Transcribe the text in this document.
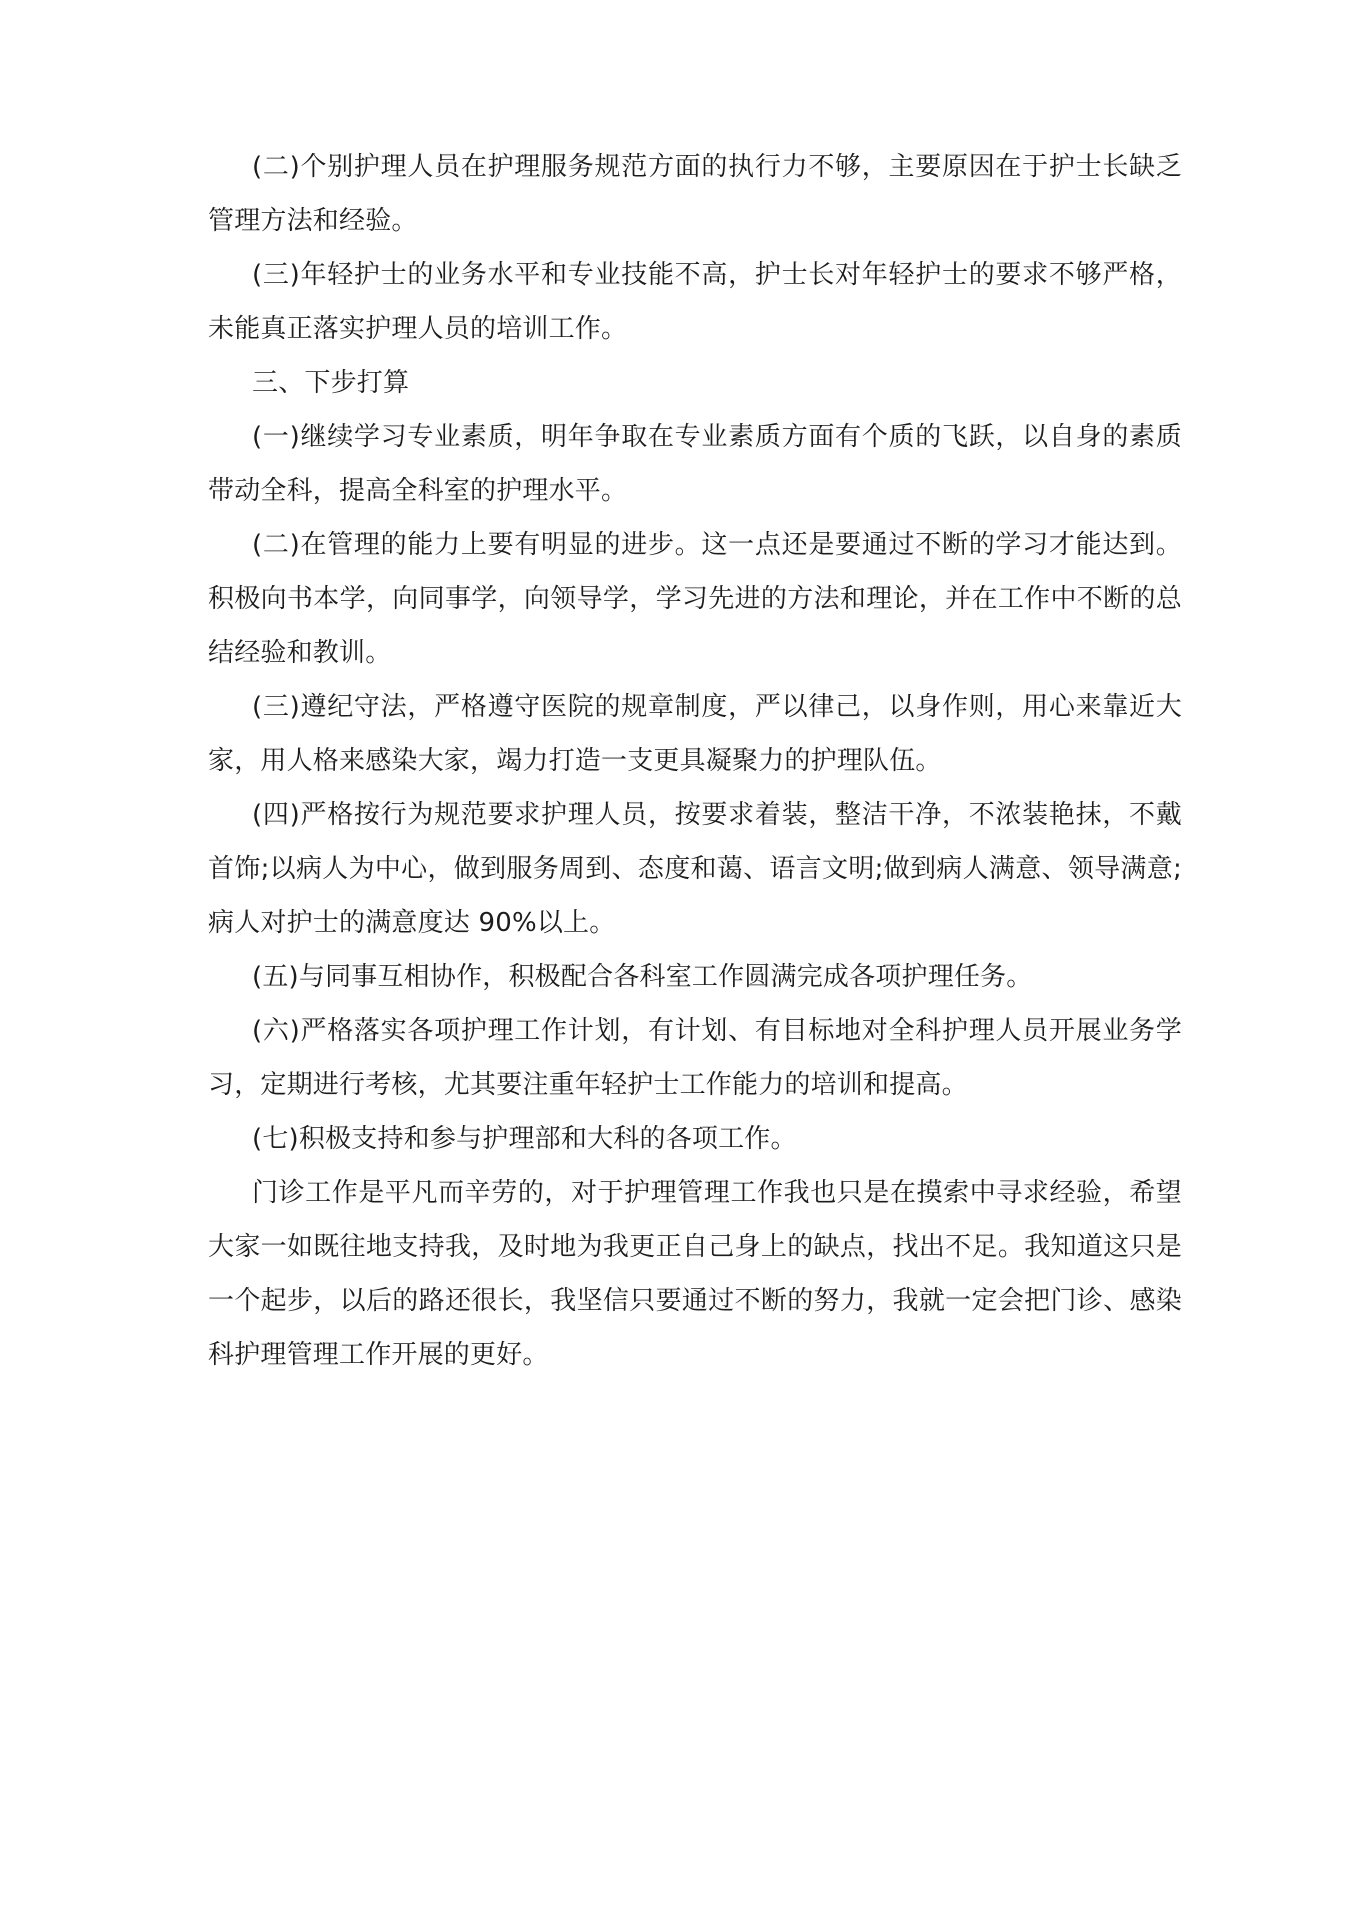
(二)个别护理人员在护理服务规范方面的执行力不够，主要原因在于护士长缺乏管理方法和经验。

(三)年轻护士的业务水平和专业技能不高，护士长对年轻护士的要求不够严格，未能真正落实护理人员的培训工作。

三、下步打算

(一)继续学习专业素质，明年争取在专业素质方面有个质的飞跃，以自身的素质带动全科，提高全科室的护理水平。

(二)在管理的能力上要有明显的进步。这一点还是要通过不断的学习才能达到。积极向书本学，向同事学，向领导学，学习先进的方法和理论，并在工作中不断的总结经验和教训。

(三)遵纪守法，严格遵守医院的规章制度，严以律己，以身作则，用心来靠近大家，用人格来感染大家，竭力打造一支更具凝聚力的护理队伍。

(四)严格按行为规范要求护理人员，按要求着装，整洁干净，不浓装艳抹，不戴首饰;以病人为中心，做到服务周到、态度和蔼、语言文明;做到病人满意、领导满意;病人对护士的满意度达 90%以上。

(五)与同事互相协作，积极配合各科室工作圆满完成各项护理任务。

(六)严格落实各项护理工作计划，有计划、有目标地对全科护理人员开展业务学习，定期进行考核，尤其要注重年轻护士工作能力的培训和提高。

(七)积极支持和参与护理部和大科的各项工作。

门诊工作是平凡而辛劳的，对于护理管理工作我也只是在摸索中寻求经验，希望大家一如既往地支持我，及时地为我更正自己身上的缺点，找出不足。我知道这只是一个起步，以后的路还很长，我坚信只要通过不断的努力，我就一定会把门诊、感染科护理管理工作开展的更好。
